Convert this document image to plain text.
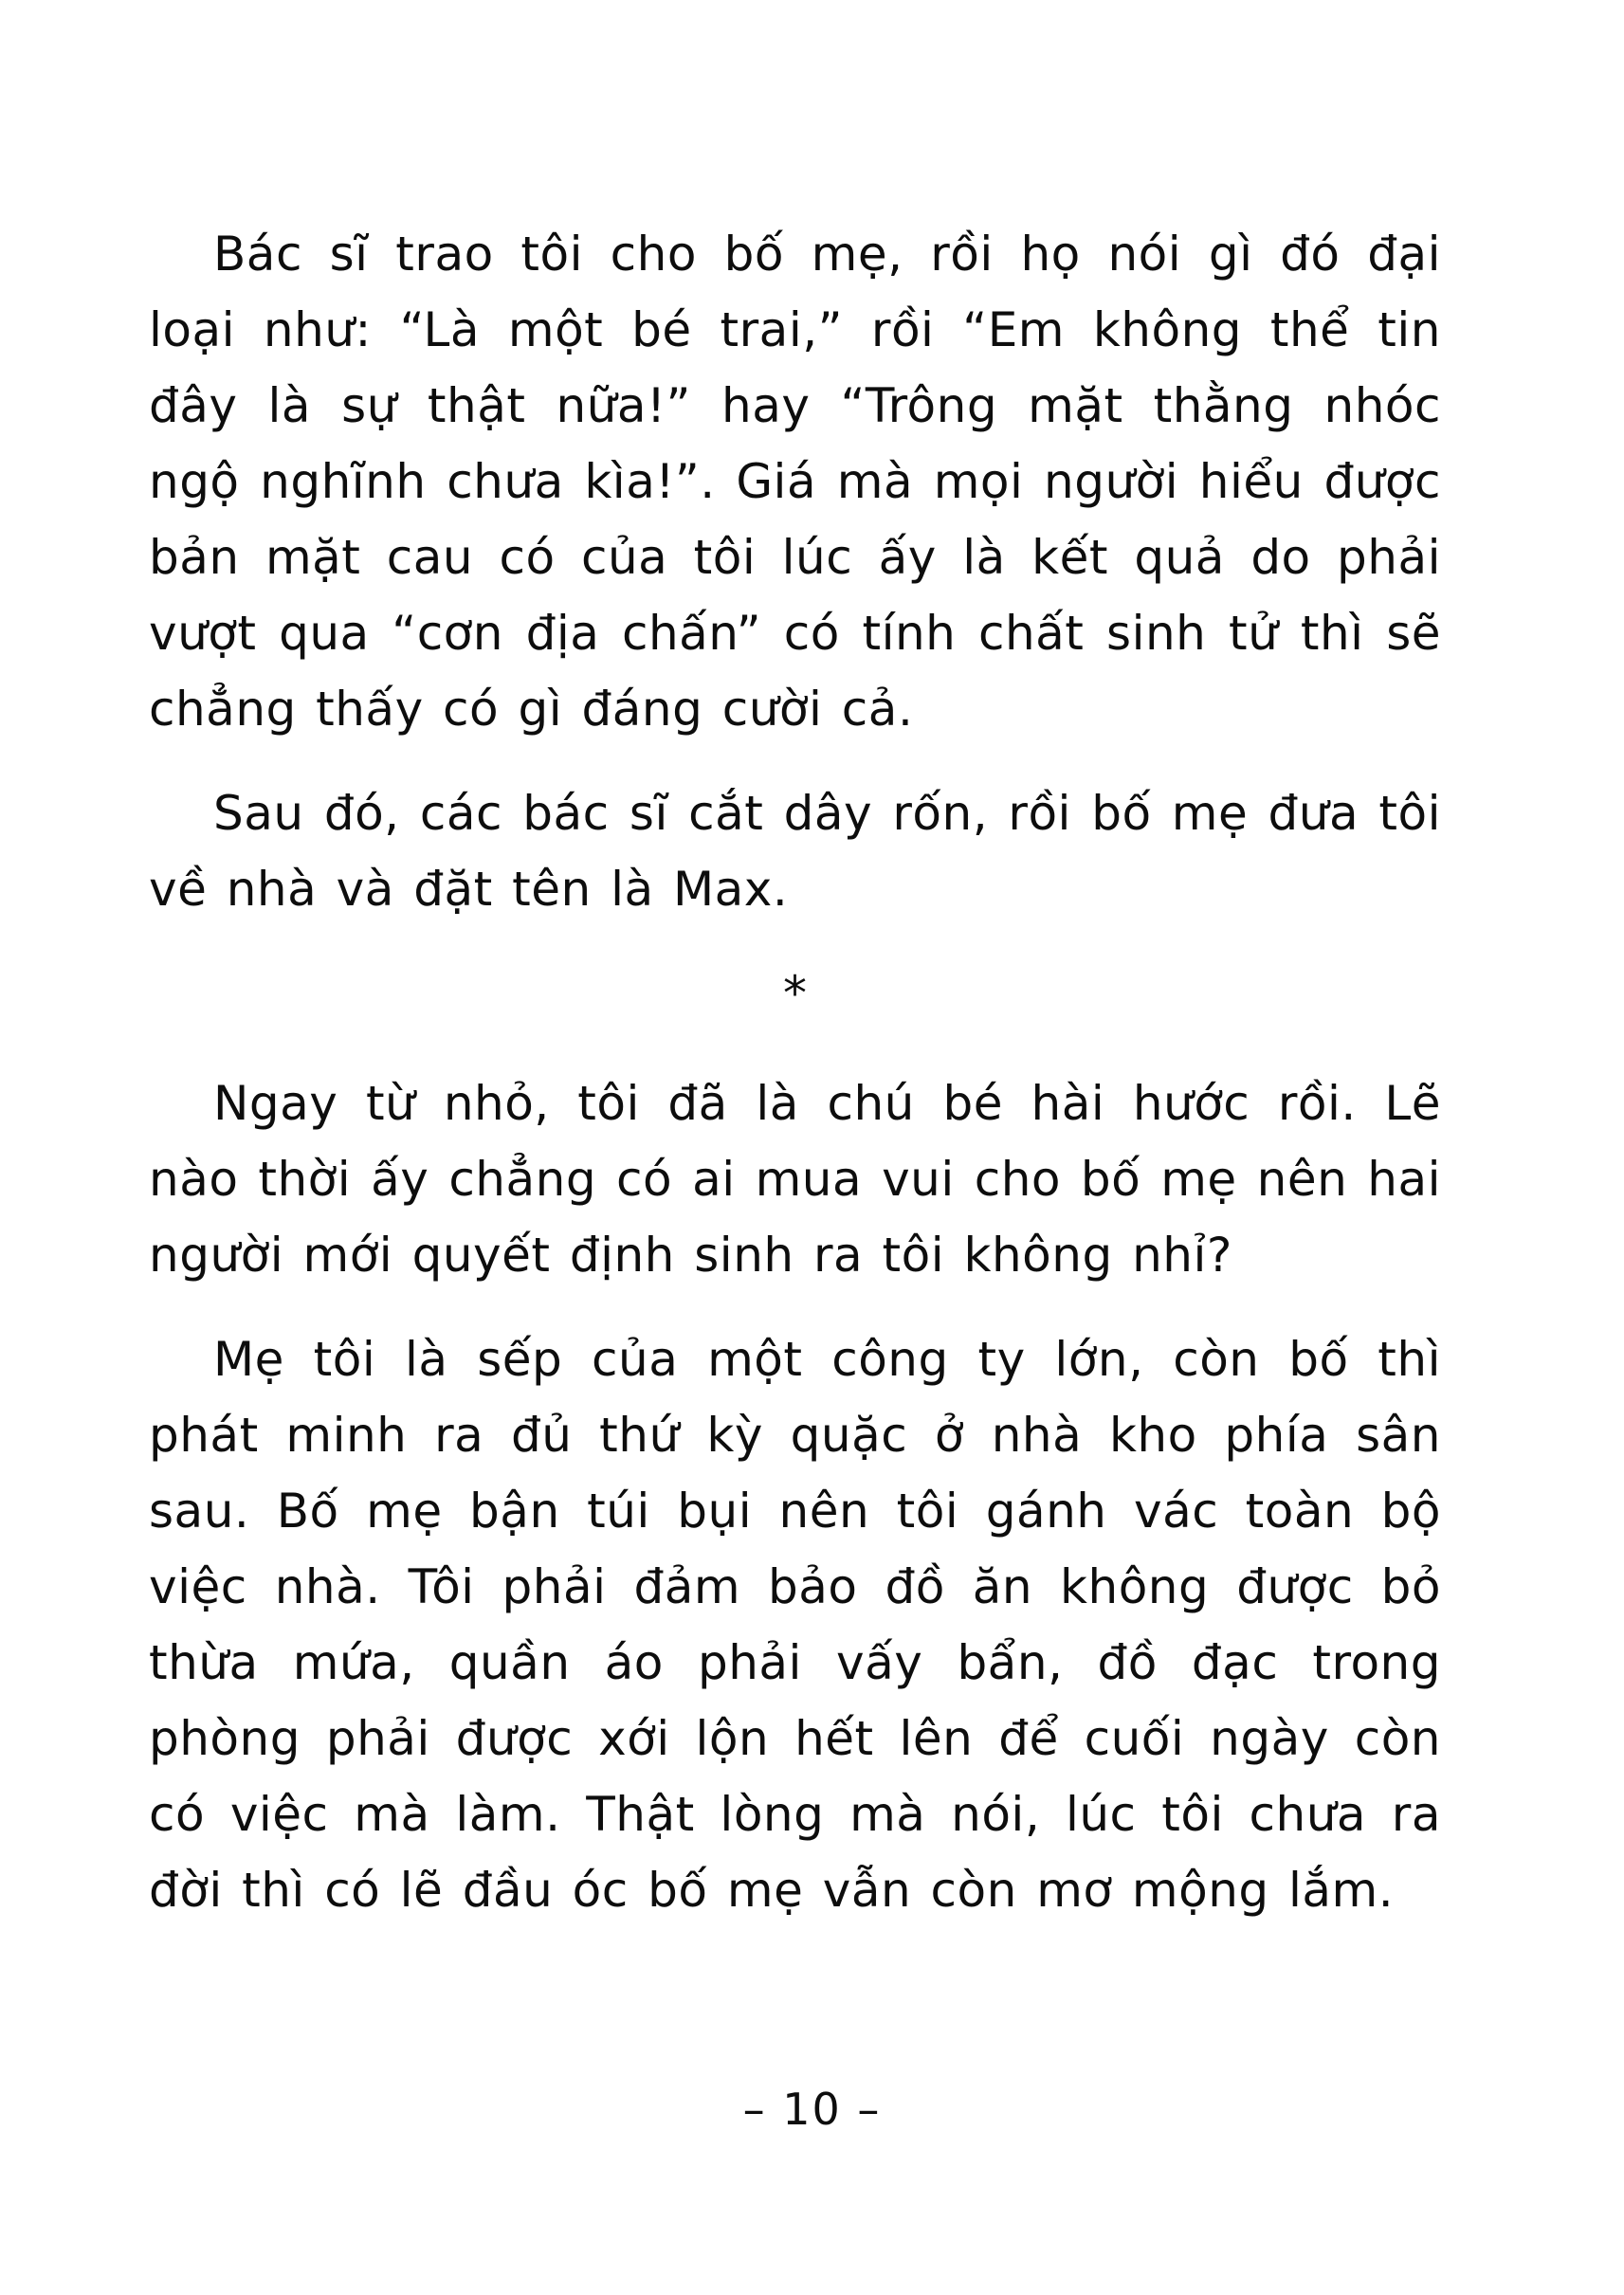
Bác sĩ trao tôi cho bố mẹ, rồi họ nói gì đó đại loại như: “Là một bé trai,” rồi “Em không thể tin đây là sự thật nữa!” hay “Trông mặt thằng nhóc ngộ nghĩnh chưa kìa!”. Giá mà mọi người hiểu được bản mặt cau có của tôi lúc ấy là kết quả do phải vượt qua “cơn địa chấn” có tính chất sinh tử thì sẽ chẳng thấy có gì đáng cười cả.

Sau đó, các bác sĩ cắt dây rốn, rồi bố mẹ đưa tôi về nhà và đặt tên là Max.

*

Ngay từ nhỏ, tôi đã là chú bé hài hước rồi. Lẽ nào thời ấy chẳng có ai mua vui cho bố mẹ nên hai người mới quyết định sinh ra tôi không nhỉ?

Mẹ tôi là sếp của một công ty lớn, còn bố thì phát minh ra đủ thứ kỳ quặc ở nhà kho phía sân sau. Bố mẹ bận túi bụi nên tôi gánh vác toàn bộ việc nhà. Tôi phải đảm bảo đồ ăn không được bỏ thừa mứa, quần áo phải vấy bẩn, đồ đạc trong phòng phải được xới lộn hết lên để cuối ngày còn có việc mà làm. Thật lòng mà nói, lúc tôi chưa ra đời thì có lẽ đầu óc bố mẹ vẫn còn mơ mộng lắm.

– 10 –
